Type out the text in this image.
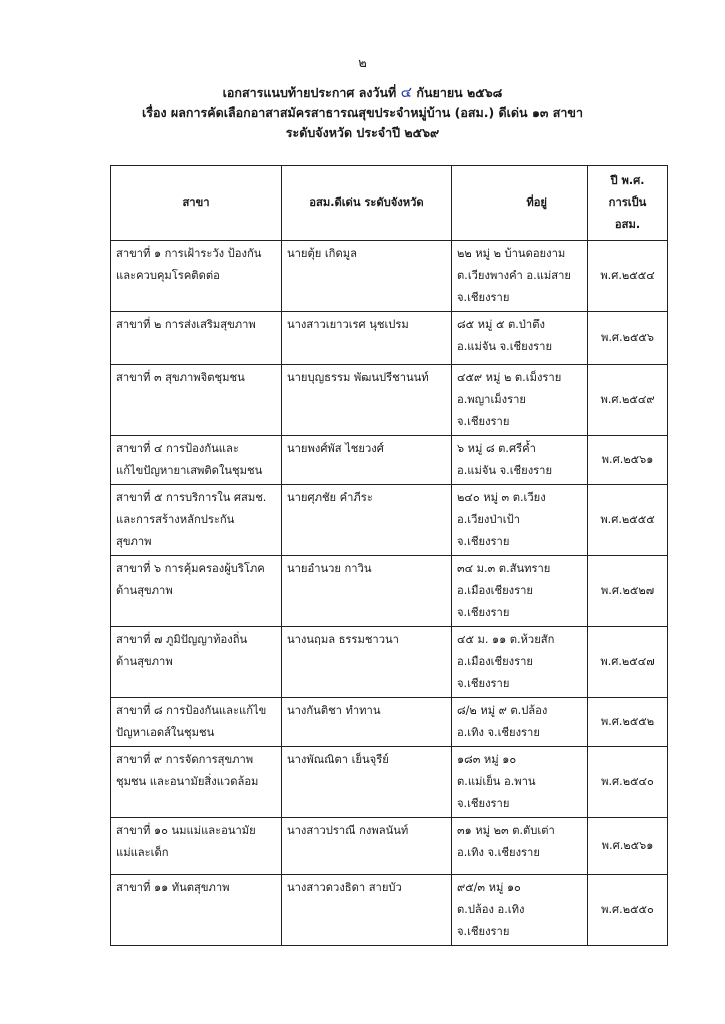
๒
เอกสารแนบท้ายประกาศ ลงวันที่ ๔ กันยายน ๒๕๖๘
เรื่อง ผลการคัดเลือกอาสาสมัครสาธารณสุขประจำหมู่บ้าน (อสม.) ดีเด่น ๑๓ สาขา
ระดับจังหวัด ประจำปี ๒๕๖๙
สาขา	อสม.ดีเด่น ระดับจังหวัด	ที่อยู่	ปี พ.ศ.
การเป็น
อสม.

สาขาที่ ๑ การเฝ้าระวัง ป้องกัน
และควบคุมโรคติดต่อ	นายตุ้ย เกิดมูล	๒๒ หมู่ ๒ บ้านดอยงาม
ต.เวียงพางคำ อ.แม่สาย
จ.เชียงราย	พ.ศ.๒๕๕๔

สาขาที่ ๒ การส่งเสริมสุขภาพ	นางสาวเยาวเรศ นุชเปรม	๘๕ หมู่ ๕ ต.ป่าตึง
อ.แม่จัน จ.เชียงราย	พ.ศ.๒๕๕๖

สาขาที่ ๓ สุขภาพจิตชุมชน	นายบุญธรรม พัฒนปรีชานนท์	๔๕๙ หมู่ ๒ ต.เม็งราย
อ.พญาเม็งราย
จ.เชียงราย	พ.ศ.๒๕๔๙

สาขาที่ ๔ การป้องกันและ
แก้ไขปัญหายาเสพติดในชุมชน	นายพงศ์พัส ไชยวงศ์	๖ หมู่ ๘ ต.ศรีค้ำ
อ.แม่จัน จ.เชียงราย	พ.ศ.๒๕๖๑

สาขาที่ ๕ การบริการใน ศสมช.
และการสร้างหลักประกัน
สุขภาพ	นายศุภชัย คำภีระ	๒๔๐ หมู่ ๓ ต.เวียง
อ.เวียงป่าเป้า
จ.เชียงราย	พ.ศ.๒๕๕๕

สาขาที่ ๖ การคุ้มครองผู้บริโภค
ด้านสุขภาพ	นายอำนวย กาวิน	๓๔ ม.๓ ต.สันทราย
อ.เมืองเชียงราย
จ.เชียงราย	พ.ศ.๒๕๒๗

สาขาที่ ๗ ภูมิปัญญาท้องถิ่น
ด้านสุขภาพ	นางนฤมล ธรรมชาวนา	๔๕ ม. ๑๑ ต.ห้วยสัก
อ.เมืองเชียงราย
จ.เชียงราย	พ.ศ.๒๕๔๗

สาขาที่ ๘ การป้องกันและแก้ไข
ปัญหาเอดส์ในชุมชน	นางกันติชา ทำทาน	๘/๒ หมู่ ๙ ต.ปล้อง
อ.เทิง จ.เชียงราย	พ.ศ.๒๕๕๒

สาขาที่ ๙ การจัดการสุขภาพ
ชุมชน และอนามัยสิ่งแวดล้อม	นางพัณณิตา เย็นจุรีย์	๑๘๓ หมู่ ๑๐
ต.แม่เย็น อ.พาน
จ.เชียงราย	พ.ศ.๒๕๔๐

สาขาที่ ๑๐ นมแม่และอนามัย
แม่และเด็ก	นางสาวปราณี กงพลนันท์	๓๑ หมู่ ๒๓ ต.ตับเต่า
อ.เทิง จ.เชียงราย	พ.ศ.๒๕๖๑

สาขาที่ ๑๑ ทันตสุขภาพ	นางสาวดวงธิดา สายบัว	๙๕/๓ หมู่ ๑๐
ต.ปล้อง อ.เทิง
จ.เชียงราย	พ.ศ.๒๕๕๐
